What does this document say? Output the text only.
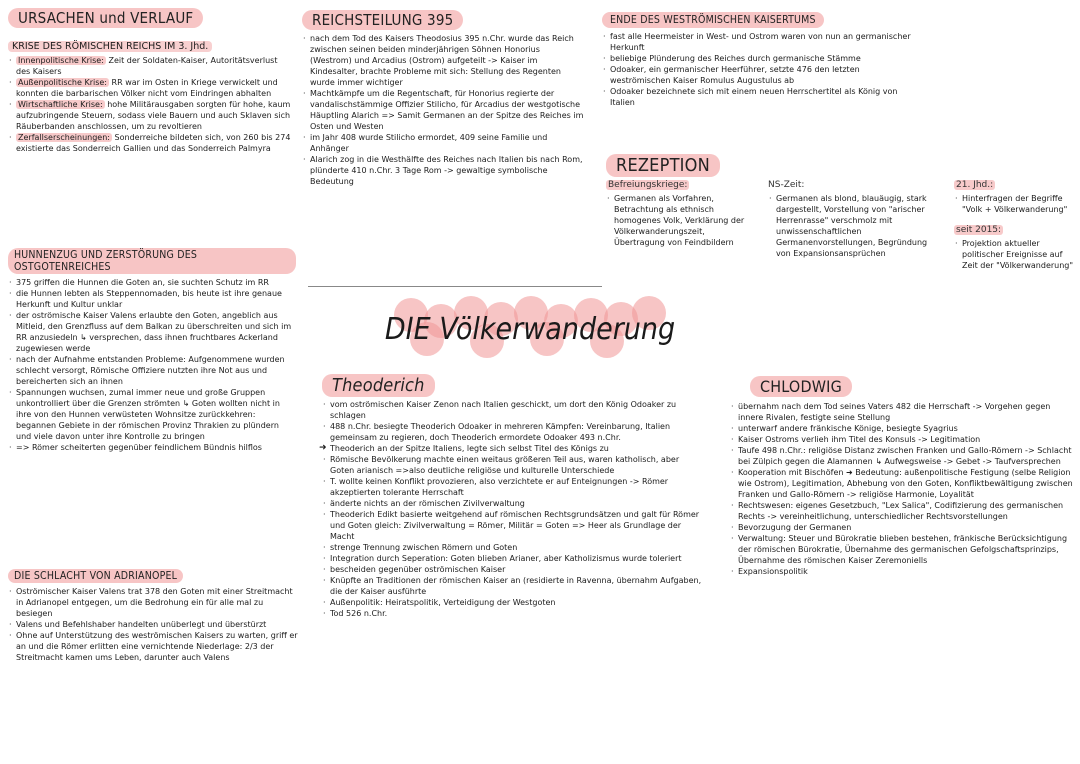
URSACHEN und VERLAUF
KRISE DES RÖMISCHEN REICHS IM 3. Jhd.
· Innenpolitische Krise: Zeit der Soldaten-Kaiser, Autoritätsverlust des Kaisers
· Außenpolitische Krise: RR war im Osten in Kriege verwickelt und konnten die barbarischen Völker nicht vom Eindringen abhalten
· Wirtschaftliche Krise: hohe Militärausgaben sorgten für hohe, kaum aufzubringende Steuern, sodass viele Bauern und auch Sklaven sich Räuberbanden anschlossen, um zu revoltieren
· Zerfallserscheinungen: Sonderreiche bildeten sich, von 260 bis 274 existierte das Sonderreich Gallien und das Sonderreich Palmyra
HUNNENZUG UND ZERSTÖRUNG DES OSTGOTENREICHES
· 375 griffen die Hunnen die Goten an, sie suchten Schutz im RR
· die Hunnen lebten als Steppennomaden, bis heute ist ihre genaue Herkunft und Kultur unklar
· der oströmische Kaiser Valens erlaubte den Goten, angeblich aus Mitleid, den Grenzfluss auf dem Balkan zu überschreiten und sich im RR anzusiedeln ↳ versprechen, dass ihnen fruchtbares Ackerland zugewiesen werde
· nach der Aufnahme entstanden Probleme: Aufgenommene wurden schlecht versorgt, Römische Offiziere nutzten ihre Not aus und bereicherten sich an ihnen
· Spannungen wuchsen, zumal immer neue und große Gruppen unkontrolliert über die Grenzen strömten ↳ Goten wollten nicht in ihre von den Hunnen verwüsteten Wohnsitze zurückkehren: begannen Gebiete in der römischen Provinz Thrakien zu plündern und viele davon unter ihre Kontrolle zu bringen
· => Römer scheiterten gegenüber feindlichem Bündnis hilflos
DIE SCHLACHT VON ADRIANOPEL
· Oströmischer Kaiser Valens trat 378 den Goten mit einer Streitmacht in Adrianopel entgegen, um die Bedrohung ein für alle mal zu besiegen
· Valens und Befehlshaber handelten unüberlegt und überstürzt
· Ohne auf Unterstützung des weströmischen Kaisers zu warten, griff er an und die Römer erlitten eine vernichtende Niederlage: 2/3 der Streitmacht kamen ums Leben, darunter auch Valens
REICHSTEILUNG 395
· nach dem Tod des Kaisers Theodosius 395 n.Chr. wurde das Reich zwischen seinen beiden minderjährigen Söhnen Honorius (Westrom) und Arcadius (Ostrom) aufgeteilt -> Kaiser im Kindesalter, brachte Probleme mit sich: Stellung des Regenten wurde immer wichtiger
· Machtkämpfe um die Regentschaft, für Honorius regierte der vandalischstämmige Offizier Stilicho, für Arcadius der westgotische Häuptling Alarich => Samit Germanen an der Spitze des Reiches im Osten und Westen
· im Jahr 408 wurde Stilicho ermordet, 409 seine Familie und Anhänger
· Alarich zog in die Westhälfte des Reiches nach Italien bis nach Rom, plünderte 410 n.Chr. 3 Tage Rom -> gewaltige symbolische Bedeutung
ENDE DES WESTRÖMISCHEN KAISERTUMS
· fast alle Heermeister in West- und Ostrom waren von nun an germanischer Herkunft
· beliebige Plünderung des Reiches durch germanische Stämme
· Odoaker, ein germanischer Heerführer, setzte 476 den letzten weströmischen Kaiser Romulus Augustulus ab
· Odoaker bezeichnete sich mit einem neuen Herrschertitel als König von Italien
REZEPTION
Befreiungskriege:
· Germanen als Vorfahren, Betrachtung als ethnisch homogenes Volk, Verklärung der Völkerwanderungszeit, Übertragung von Feindbildern
NS-Zeit:
· Germanen als blond, blauäugig, stark dargestellt, Vorstellung von "arischer Herrenrasse" verschmolz mit unwissenschaftlichen Germanenvorstellungen, Begründung von Expansionsansprüchen
21. Jhd.:
· Hinterfragen der Begriffe "Volk + Völkerwanderung"
seit 2015:
· Projektion aktueller politischer Ereignisse auf Zeit der "Völkerwanderung"
DIE Völkerwanderung
Theoderich
· vom oströmischen Kaiser Zenon nach Italien geschickt, um dort den König Odoaker zu schlagen
· 488 n.Chr. besiegte Theoderich Odoaker in mehreren Kämpfen: Vereinbarung, Italien gemeinsam zu regieren, doch Theoderich ermordete Odoaker 493 n.Chr.
➜ Theoderich an der Spitze Italiens, legte sich selbst Titel des Königs zu
· Römische Bevölkerung machte einen weitaus größeren Teil aus, waren katholisch, aber Goten arianisch =>also deutliche religiöse und kulturelle Unterschiede
· T. wollte keinen Konflikt provozieren, also verzichtete er auf Enteignungen -> Römer akzeptierten tolerante Herrschaft
· änderte nichts an der römischen Zivilverwaltung
· Theoderich Edikt basierte weitgehend auf römischen Rechtsgrundsätzen und galt für Römer und Goten gleich: Zivilverwaltung = Römer, Militär = Goten => Heer als Grundlage der Macht
· strenge Trennung zwischen Römern und Goten
· Integration durch Seperation: Goten blieben Arianer, aber Katholizismus wurde toleriert
· bescheiden gegenüber oströmischen Kaiser
· Knüpfte an Traditionen der römischen Kaiser an (residierte in Ravenna, übernahm Aufgaben, die der Kaiser ausführte
· Außenpolitik: Heiratspolitik, Verteidigung der Westgoten
· Tod 526 n.Chr.
CHLODWIG
· übernahm nach dem Tod seines Vaters 482 die Herrschaft -> Vorgehen gegen innere Rivalen, festigte seine Stellung
· unterwarf andere fränkische Könige, besiegte Syagrius
· Kaiser Ostroms verlieh ihm Titel des Konsuls -> Legitimation
· Taufe 498 n.Chr.: religiöse Distanz zwischen Franken und Gallo-Römern -> Schlacht bei Zülpich gegen die Alamannen ↳ Aufwegsweise -> Gebet -> Taufversprechen
· Kooperation mit Bischöfen ➜ Bedeutung: außenpolitische Festigung (selbe Religion wie Ostrom), Legitimation, Abhebung von den Goten, Konfliktbewältigung zwischen Franken und Gallo-Römern -> religiöse Harmonie, Loyalität
· Rechtswesen: eigenes Gesetzbuch, "Lex Salica", Codifizierung des germanischen Rechts -> vereinheitlichung, unterschiedlicher Rechtsvorstellungen
· Bevorzugung der Germanen
· Verwaltung: Steuer und Bürokratie blieben bestehen, fränkische Berücksichtigung der römischen Bürokratie, Übernahme des germanischen Gefolgschaftsprinzips, Übernahme des römischen Kaiser Zeremoniells
· Expansionspolitik
